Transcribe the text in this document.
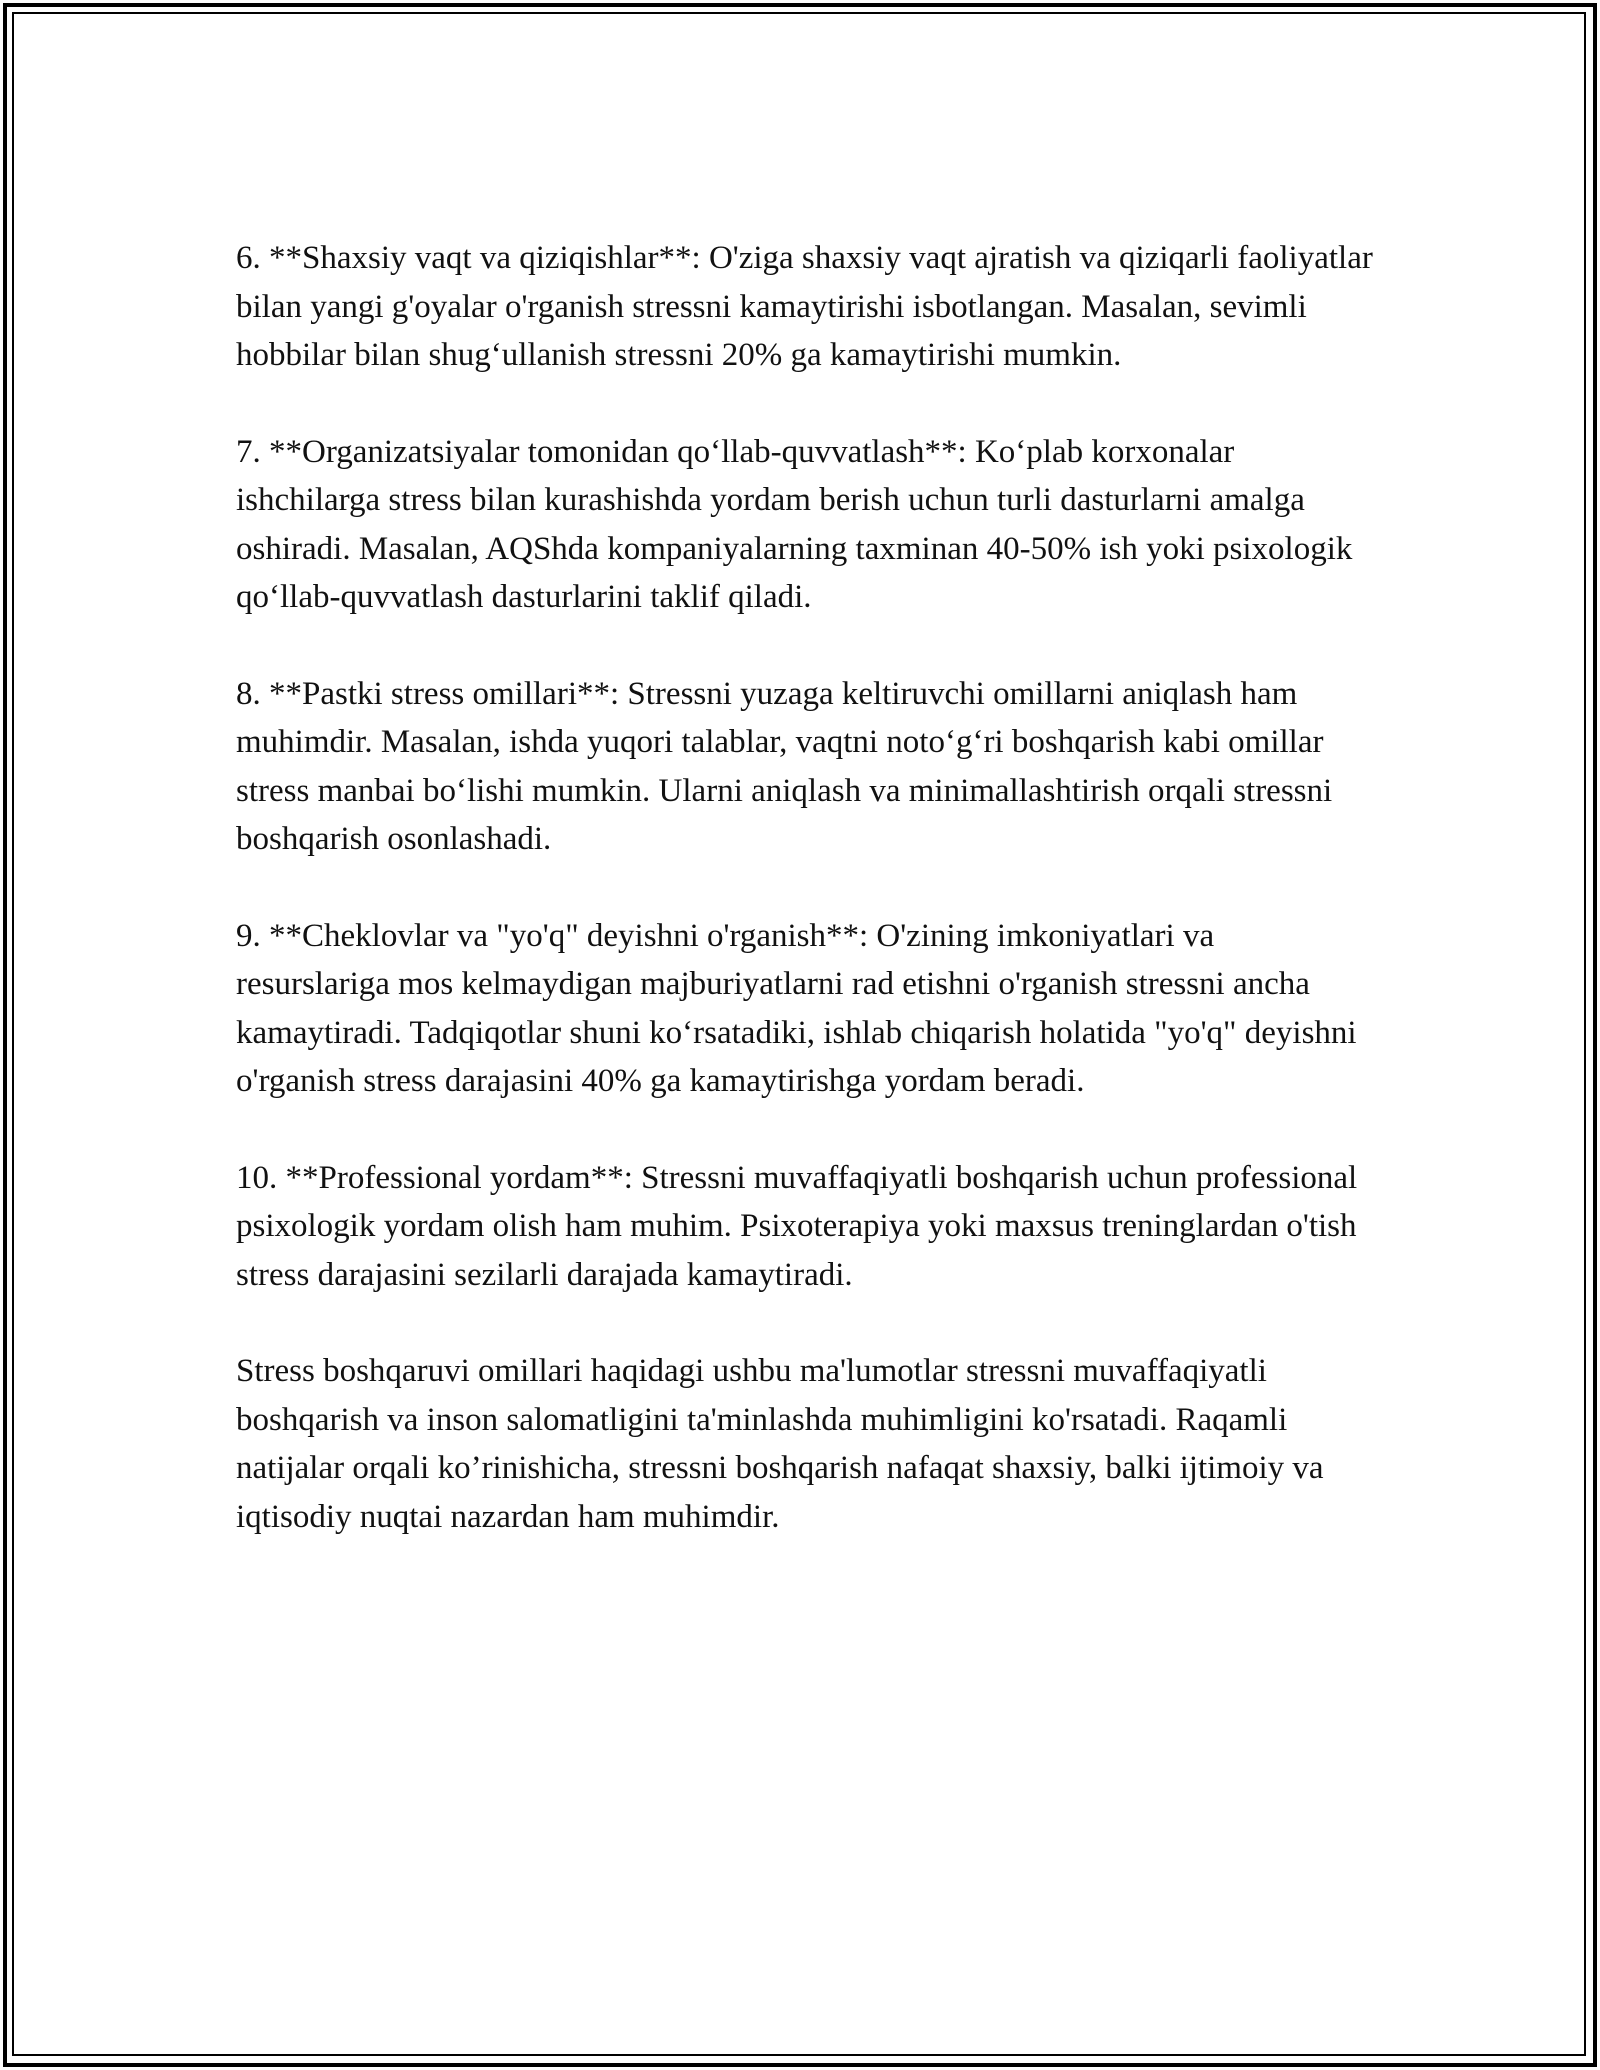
6. **Shaxsiy vaqt va qiziqishlar**: O'ziga shaxsiy vaqt ajratish va qiziqarli faoliyatlar bilan yangi g'oyalar o'rganish stressni kamaytirishi isbotlangan. Masalan, sevimli hobbilar bilan shug‘ullanish stressni 20% ga kamaytirishi mumkin.

7. **Organizatsiyalar tomonidan qo‘llab-quvvatlash**: Ko‘plab korxonalar ishchilarga stress bilan kurashishda yordam berish uchun turli dasturlarni amalga oshiradi. Masalan, AQShda kompaniyalarning taxminan 40-50% ish yoki psixologik qo‘llab-quvvatlash dasturlarini taklif qiladi.

8. **Pastki stress omillari**: Stressni yuzaga keltiruvchi omillarni aniqlash ham muhimdir. Masalan, ishda yuqori talablar, vaqtni noto‘g‘ri boshqarish kabi omillar stress manbai bo‘lishi mumkin. Ularni aniqlash va minimallashtirish orqali stressni boshqarish osonlashadi.

9. **Cheklovlar va "yo'q" deyishni o'rganish**: O'zining imkoniyatlari va resurslariga mos kelmaydigan majburiyatlarni rad etishni o'rganish stressni ancha kamaytiradi. Tadqiqotlar shuni ko‘rsatadiki, ishlab chiqarish holatida "yo'q" deyishni o'rganish stress darajasini 40% ga kamaytirishga yordam beradi.

10. **Professional yordam**: Stressni muvaffaqiyatli boshqarish uchun professional psixologik yordam olish ham muhim. Psixoterapiya yoki maxsus treninglardan o'tish stress darajasini sezilarli darajada kamaytiradi.

Stress boshqaruvi omillari haqidagi ushbu ma'lumotlar stressni muvaffaqiyatli boshqarish va inson salomatligini ta'minlashda muhimligini ko'rsatadi. Raqamli natijalar orqali ko’rinishicha, stressni boshqarish nafaqat shaxsiy, balki ijtimoiy va iqtisodiy nuqtai nazardan ham muhimdir.
